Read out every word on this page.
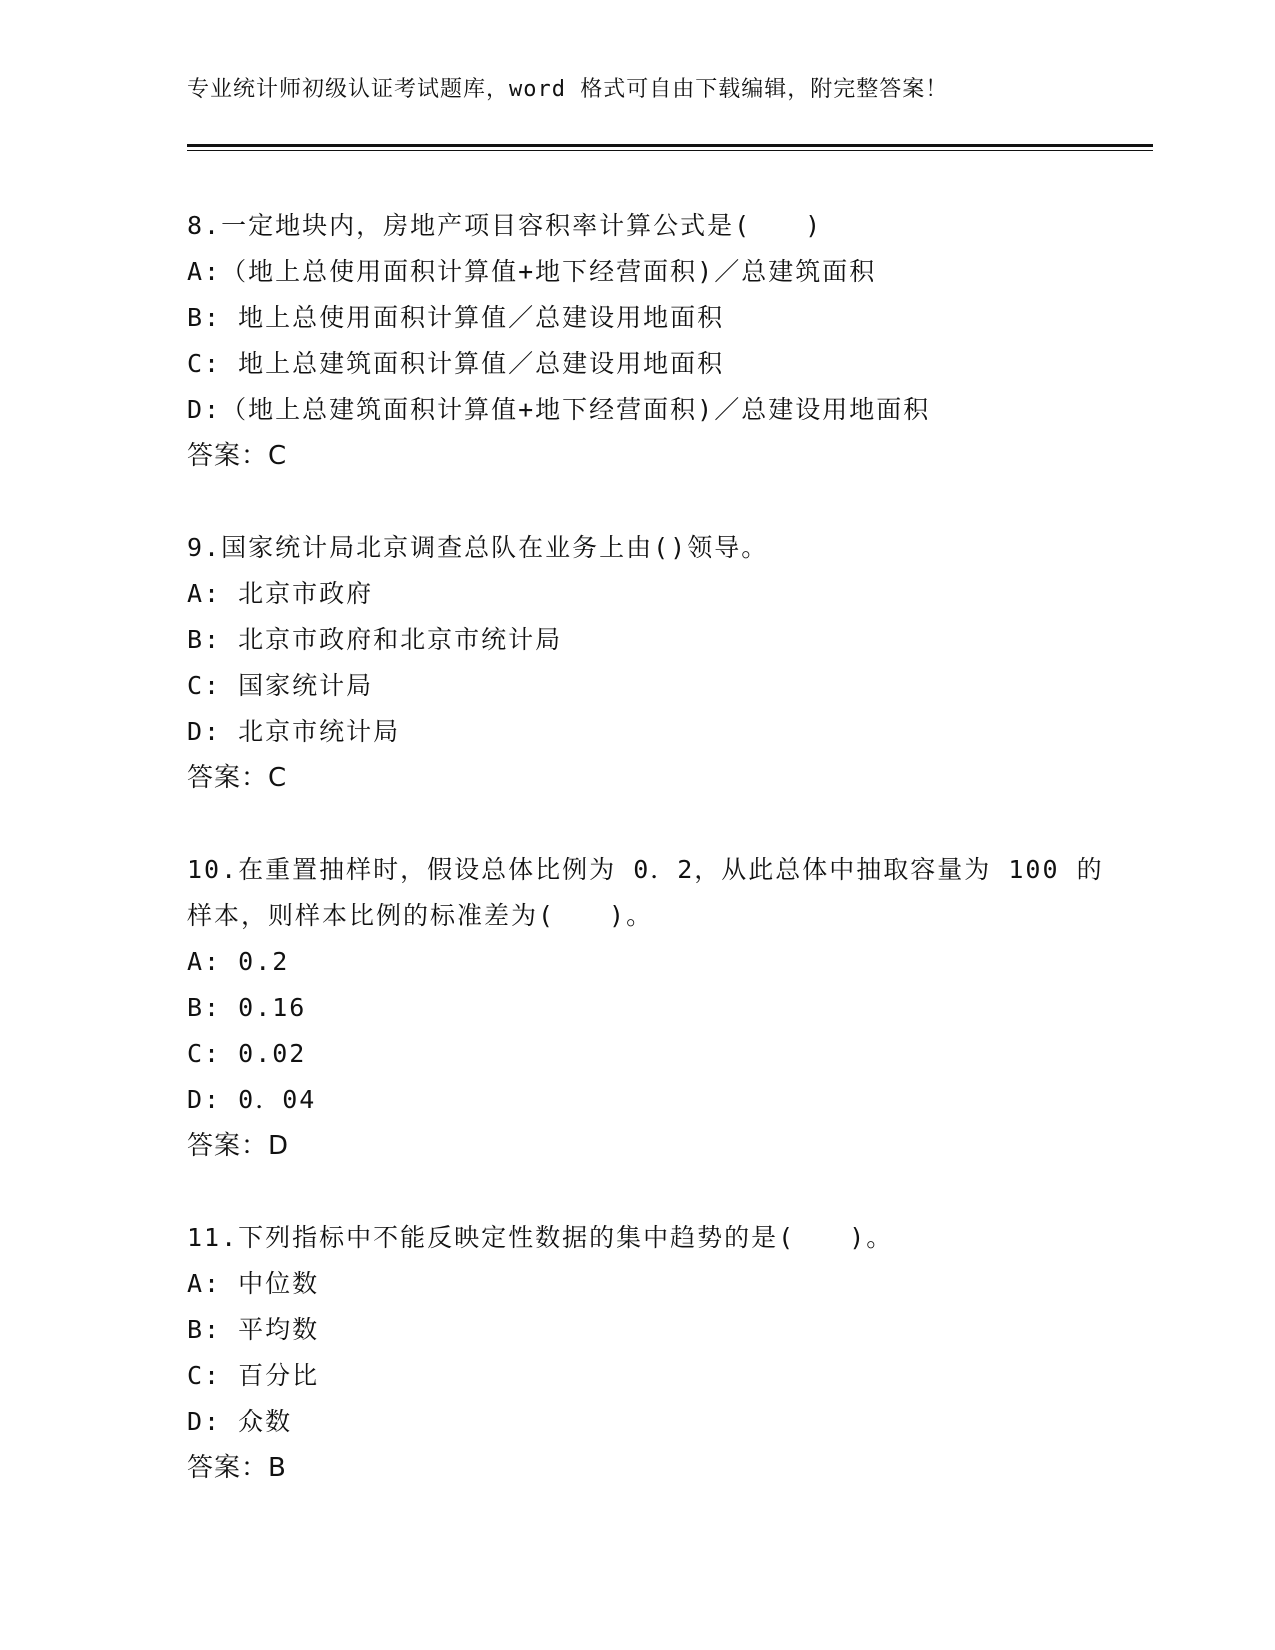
专业统计师初级认证考试题库，word 格式可自由下载编辑，附完整答案！
8.一定地块内，房地产项目容积率计算公式是(　　)
A:（地上总使用面积计算值+地下经营面积)／总建筑面积
B: 地上总使用面积计算值／总建设用地面积
C: 地上总建筑面积计算值／总建设用地面积
D:（地上总建筑面积计算值+地下经营面积)／总建设用地面积
答案：C
9.国家统计局北京调查总队在业务上由()领导。
A: 北京市政府
B: 北京市政府和北京市统计局
C: 国家统计局
D: 北京市统计局
答案：C
10.在重置抽样时，假设总体比例为 0．2，从此总体中抽取容量为 100 的样本，则样本比例的标准差为(　　)。
A: 0.2
B: 0.16
C: 0.02
D: 0．04
答案：D
11.下列指标中不能反映定性数据的集中趋势的是(　　)。
A: 中位数
B: 平均数
C: 百分比
D: 众数
答案：B
